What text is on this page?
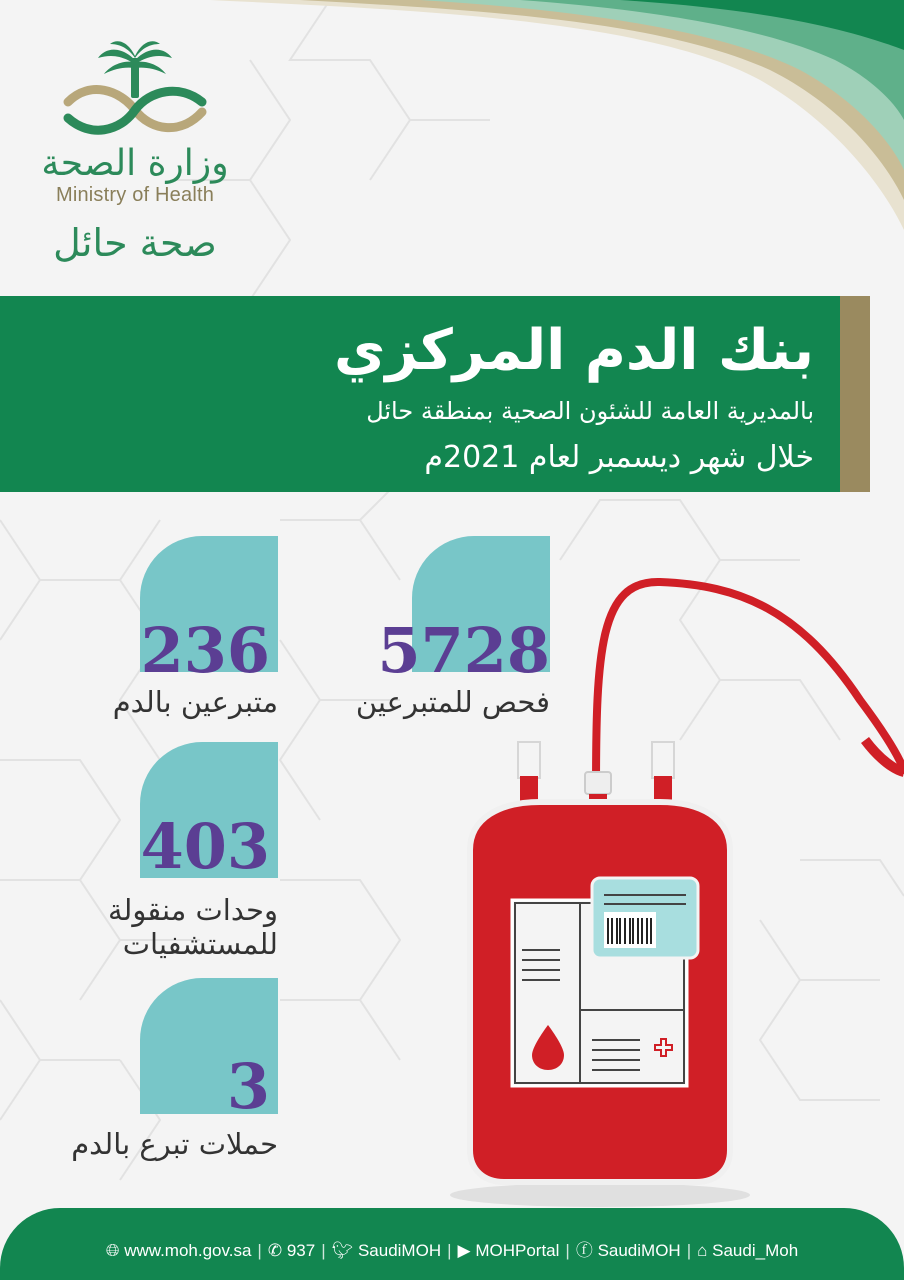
وزارة الصحة
Ministry of Health
صحة حائل
بنك الدم المركزي
بالمديرية العامة للشئون الصحية بمنطقة حائل
خلال شهر ديسمبر لعام 2021م
5728
فحص للمتبرعين
236
متبرعين بالدم
403
وحدات منقولة
للمستشفيات
3
حملات تبرع بالدم
🌐︎ www.moh.gov.sa | ✆ 937 | 🐦︎ SaudiMOH | ▶ MOHPortal | ⓕ SaudiMOH | ⌂ Saudi_Moh
